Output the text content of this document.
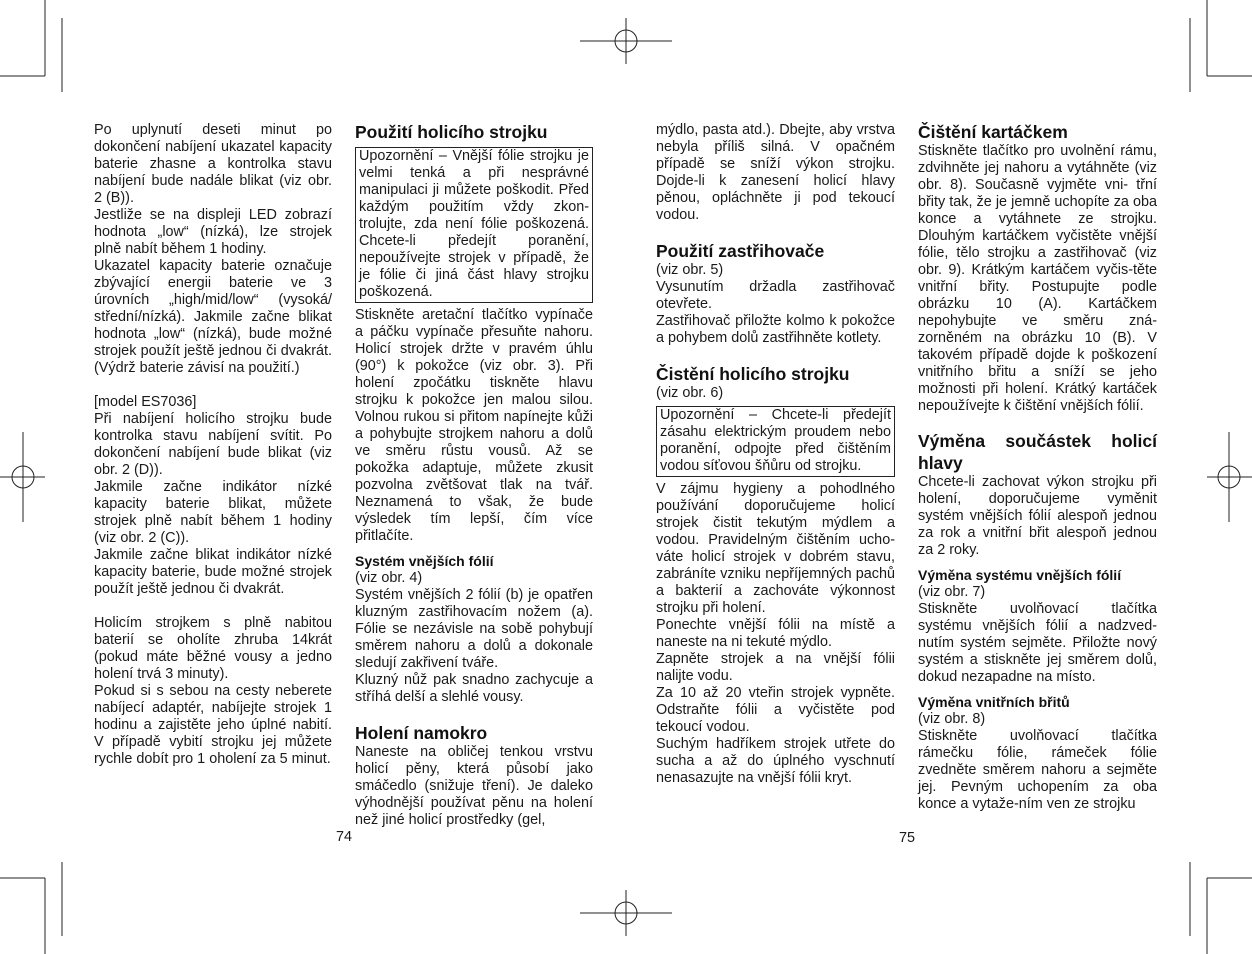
Po uplynutí deseti minut po dokončení nabíjení ukazatel kapacity baterie zhasne a kontrolka stavu nabíjení bude nadále blikat (viz obr. 2 (B)).

Jestliže se na displeji LED zobrazí hodnota „low“ (nízká), lze strojek plně nabít během 1 hodiny.

Ukazatel kapacity baterie označuje zbývající energii baterie ve 3 úrovních „high/mid/low“ (vysoká/ střední/nízká). Jakmile začne blikat hodnota „low“ (nízká), bude možné strojek použít ještě jednou či dvakrát. (Výdrž baterie závisí na použití.)

[model ES7036]

Při nabíjení holicího strojku bude kontrolka stavu nabíjení svítit. Po dokončení nabíjení bude blikat (viz obr. 2 (D)).

Jakmile začne indikátor nízké kapacity baterie blikat, můžete strojek plně nabít během 1 hodiny (viz obr. 2 (C)).

Jakmile začne blikat indikátor nízké kapacity baterie, bude možné strojek použít ještě jednou či dvakrát.

Holicím strojkem s plně nabitou baterií se oholíte zhruba 14krát (pokud máte běžné vousy a jedno holení trvá 3 minuty).

Pokud si s sebou na cesty neberete nabíjecí adaptér, nabíjejte strojek 1 hodinu a zajistěte jeho úplné nabití. V případě vybití strojku jej můžete rychle dobít pro 1 oholení za 5 minut.

Použití holicího strojku

Upozornění – Vnější fólie strojku je velmi tenká a při nesprávné manipulaci ji můžete poškodit. Před každým použitím vždy zkon- trolujte, zda není fólie poškozená. Chcete-li předejít poranění, nepoužívejte strojek v případě, že je fólie či jiná část hlavy strojku poškozená.

Stiskněte aretační tlačítko vypínače a páčku vypínače přesuňte nahoru. Holicí strojek držte v pravém úhlu (90°) k pokožce (viz obr. 3). Při holení zpočátku tiskněte hlavu strojku k pokožce jen malou silou. Volnou rukou si přitom napínejte kůži a pohybujte strojkem nahoru a dolů ve směru růstu vousů. Až se pokožka adaptuje, můžete zkusit pozvolna zvětšovat tlak na tvář. Neznamená to však, že bude výsledek tím lepší, čím více přitlačíte.

Systém vnějších fólií

(viz obr. 4)

Systém vnějších 2 fólií (b) je opatřen kluzným zastřihovacím nožem (a). Fólie se nezávisle na sobě pohybují směrem nahoru a dolů a dokonale sledují zakřivení tváře.

Kluzný nůž pak snadno zachycuje a stříhá delší a slehlé vousy.

Holení namokro

Naneste na obličej tenkou vrstvu holicí pěny, která působí jako smáčedlo (snižuje tření). Je daleko výhodnější používat pěnu na holení než jiné holicí prostředky (gel,

mýdlo, pasta atd.). Dbejte, aby vrstva nebyla příliš silná. V opačném případě se sníží výkon strojku. Dojde-li k zanesení holicí hlavy pěnou, opláchněte ji pod tekoucí vodou.

Použití zastřihovače

(viz obr. 5)

Vysunutím držadla zastřihovač otevřete.

Zastřihovač přiložte kolmo k pokožce a pohybem dolů zastřihněte kotlety.

Čistění holicího strojku

(viz obr. 6)

Upozornění – Chcete-li předejít zásahu elektrickým proudem nebo poranění, odpojte před čištěním vodou síťovou šňůru od strojku.

V zájmu hygieny a pohodlného používání doporučujeme holicí strojek čistit tekutým mýdlem a vodou. Pravidelným čištěním ucho- váte holicí strojek v dobrém stavu, zabráníte vzniku nepříjemných pachů a bakterií a zachováte výkonnost strojku při holení.

Ponechte vnější fólii na místě a naneste na ni tekuté mýdlo.

Zapněte strojek a na vnější fólii nalijte vodu.

Za 10 až 20 vteřin strojek vypněte. Odstraňte fólii a vyčistěte pod tekoucí vodou.

Suchým hadříkem strojek utřete do sucha a až do úplného vyschnutí nenasazujte na vnější fólii kryt.

Čištění kartáčkem

Stiskněte tlačítko pro uvolnění rámu, zdvihněte jej nahoru a vytáhněte (viz obr. 8). Současně vyjměte vni- třní břity tak, že je jemně uchopíte za oba konce a vytáhnete ze strojku. Dlouhým kartáčkem vyčistěte vnější fólie, tělo strojku a zastřihovač (viz obr. 9). Krátkým kartáčem vyčis-těte vnitřní břity. Postupujte podle obrázku 10 (A). Kartáčkem nepohybujte ve směru zná- zorněném na obrázku 10 (B). V takovém případě dojde k poškození vnitřního břitu a sníží se jeho možnosti při holení. Krátký kartáček nepoužívejte k čištění vnějších fólií.

Výměna součástek holicí hlavy

Chcete-li zachovat výkon strojku při holení, doporučujeme vyměnit systém vnějších fólií alespoň jednou za rok a vnitřní břit alespoň jednou za 2 roky.

Výměna systému vnějších fólií

(viz obr. 7)

Stiskněte uvolňovací tlačítka systému vnějších fólií a nadzved- nutím systém sejměte. Přiložte nový systém a stiskněte jej směrem dolů, dokud nezapadne na místo.

Výměna vnitřních břitů

(viz obr. 8)

Stiskněte uvolňovací tlačítka rámečku fólie, rámeček fólie zvedněte směrem nahoru a sejměte jej. Pevným uchopením za oba konce a vytaže-ním ven ze strojku

74	75
